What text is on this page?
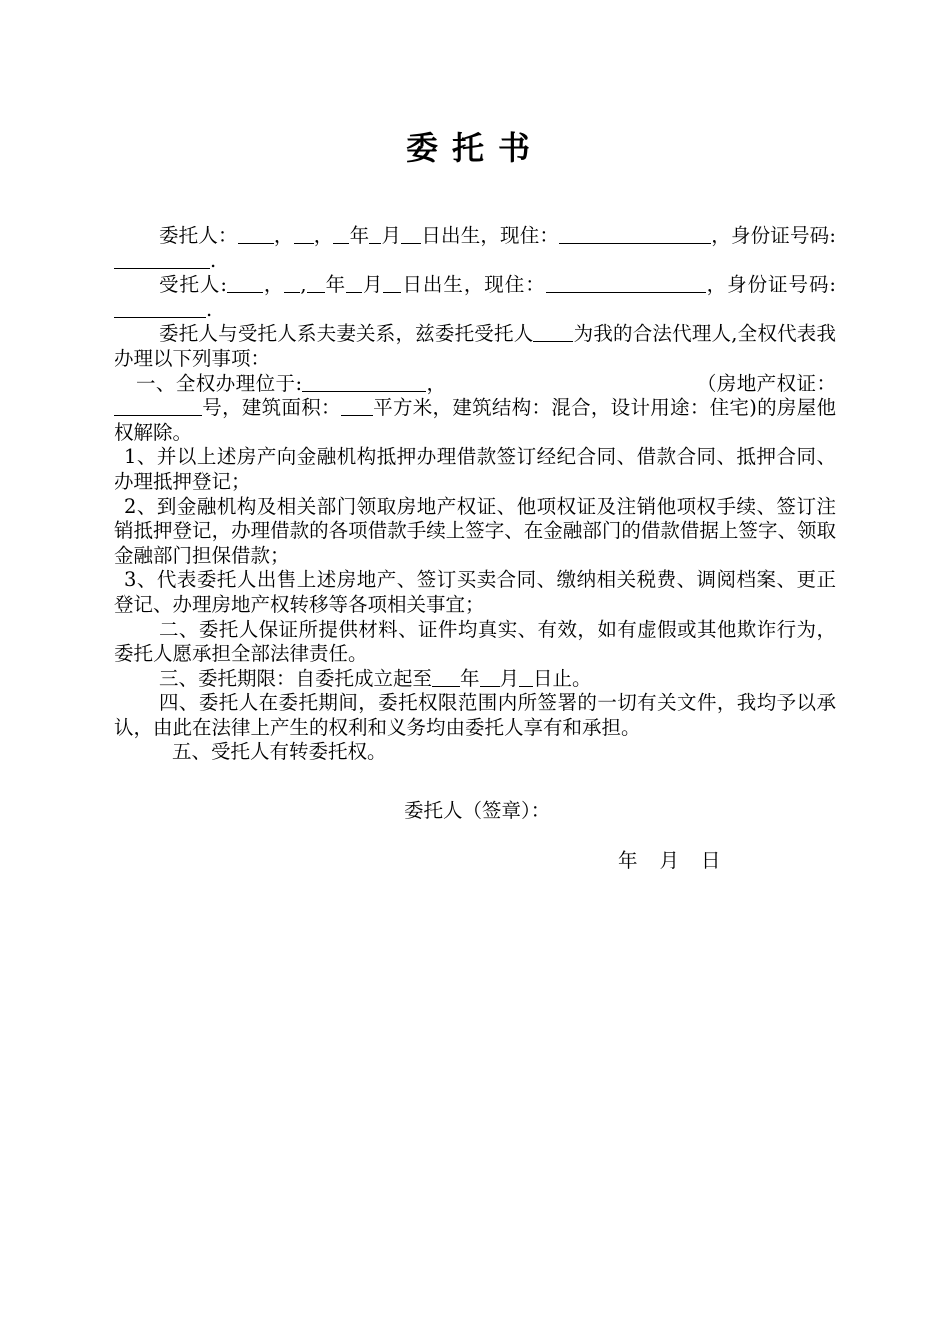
委托书

委托人： ， ， 年 月 日出生，现住：	，身份证号码:.

受托人: ， , 年 月 日出生，现住：	，身份证号码:.

委托人与受托人系夫妻关系，兹委托受托人 为我的合法代理人,全权代表我办理以下列事项：

一、全权办理位于:	，	（房地产权证：号，建筑面积： 平方米，建筑结构：混合，设计用途：住宅)的房屋他权解除。

1、并以上述房产向金融机构抵押办理借款签订经纪合同、借款合同、抵押合同、办理抵押登记；

2、到金融机构及相关部门领取房地产权证、他项权证及注销他项权手续、签订注销抵押登记，办理借款的各项借款手续上签字、在金融部门的借款借据上签字、领取金融部门担保借款；

3、代表委托人出售上述房地产、签订买卖合同、缴纳相关税费、调阅档案、更正登记、办理房地产权转移等各项相关事宜；

二、委托人保证所提供材料、证件均真实、有效，如有虚假或其他欺诈行为，委托人愿承担全部法律责任。

三、委托期限：自委托成立起至 年 月 日止。

四、委托人在委托期间，委托权限范围内所签署的一切有关文件，我均予以承认，由此在法律上产生的权利和义务均由委托人享有和承担。

五、受托人有转委托权。

委托人（签章）：
年 月 日
